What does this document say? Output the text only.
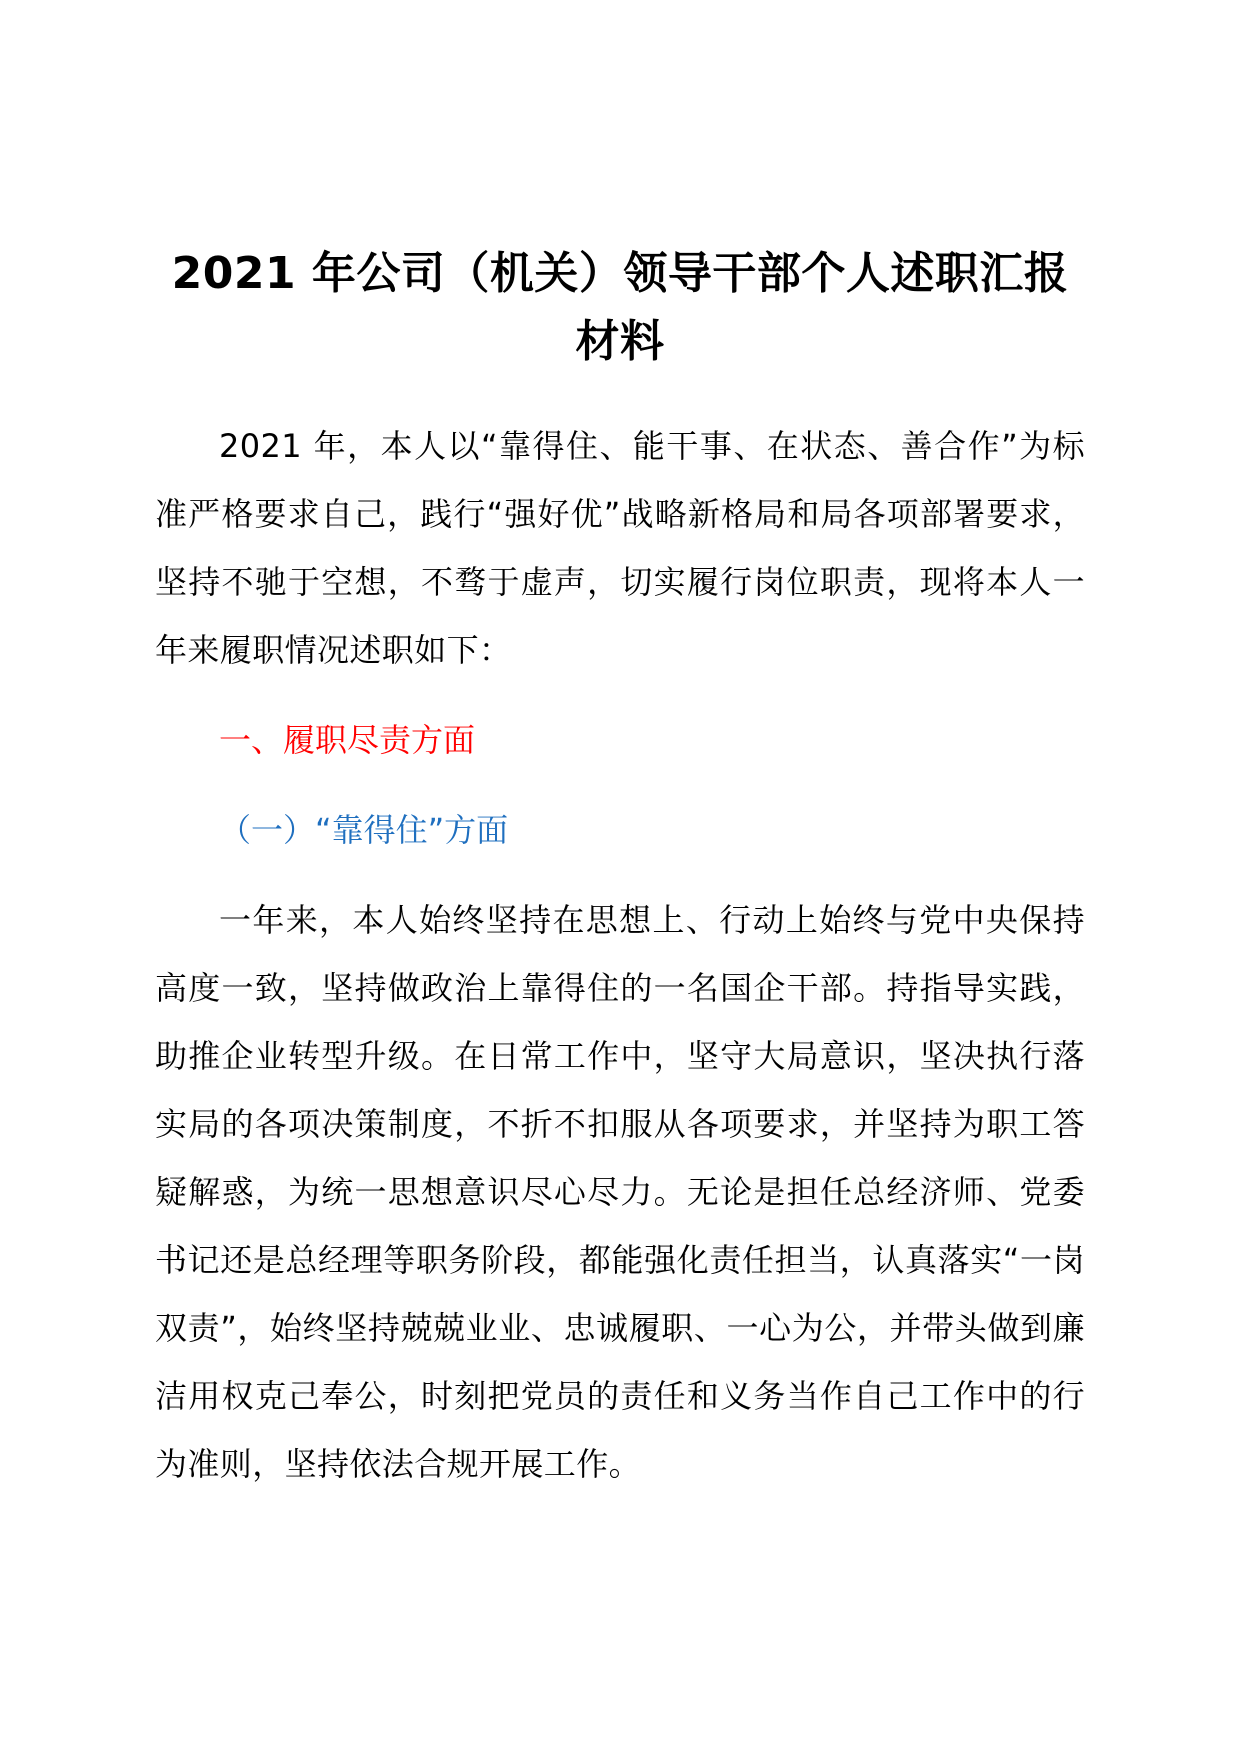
2021 年公司（机关）领导干部个人述职汇报
材料

2021 年，本人以“靠得住、能干事、在状态、善合作”为标准严格要求自己，践行“强好优”战略新格局和局各项部署要求，坚持不驰于空想，不骛于虚声，切实履行岗位职责，现将本人一年来履职情况述职如下：

一、履职尽责方面

（一）“靠得住”方面

一年来，本人始终坚持在思想上、行动上始终与党中央保持高度一致，坚持做政治上靠得住的一名国企干部。持指导实践，助推企业转型升级。在日常工作中，坚守大局意识，坚决执行落实局的各项决策制度，不折不扣服从各项要求，并坚持为职工答疑解惑，为统一思想意识尽心尽力。无论是担任总经济师、党委书记还是总经理等职务阶段，都能强化责任担当，认真落实“一岗双责”，始终坚持兢兢业业、忠诚履职、一心为公，并带头做到廉洁用权克己奉公，时刻把党员的责任和义务当作自己工作中的行为准则，坚持依法合规开展工作。
